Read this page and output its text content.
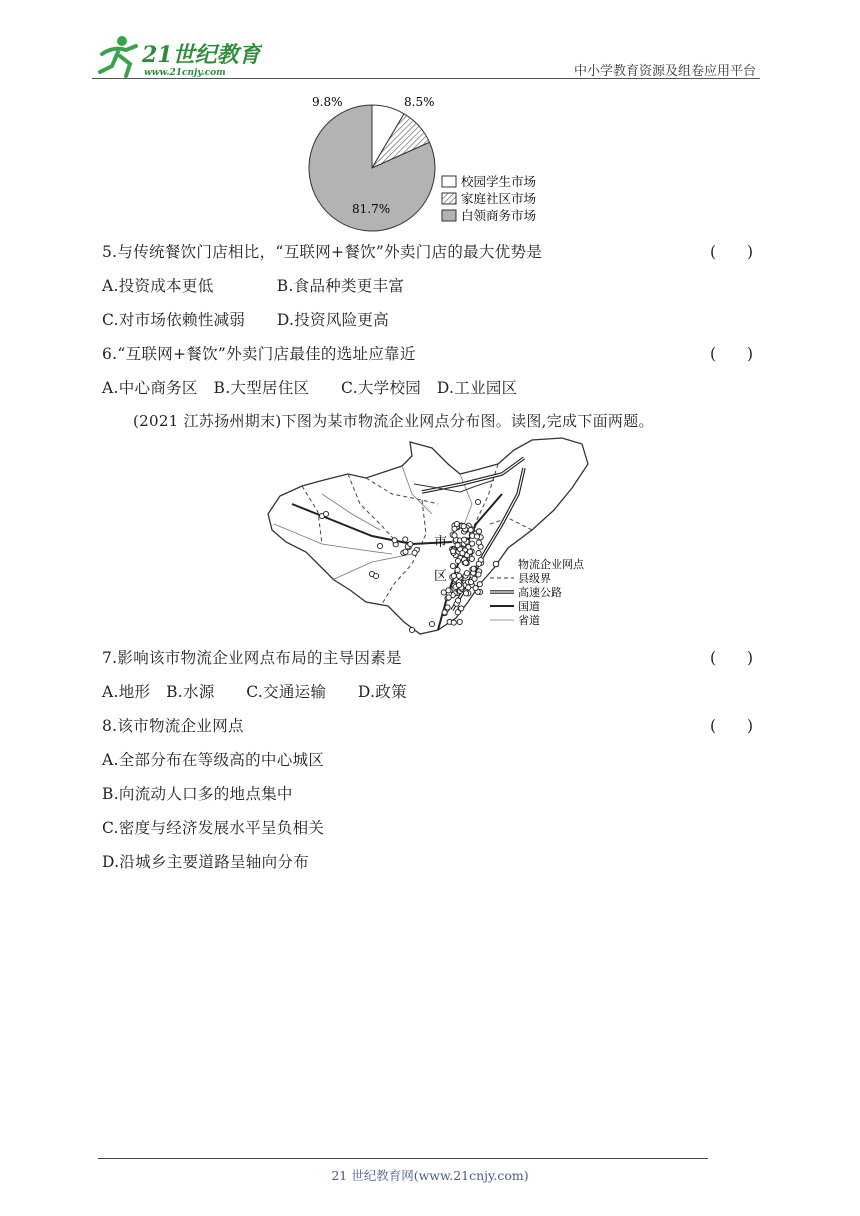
21世纪教育
www.21cnjy.com	中小学教育资源及组卷应用平台
9.8%	8.5%
81.7%
校园学生市场
家庭社区市场
白领商务市场
5.与传统餐饮门店相比，“互联网+餐饮”外卖门店的最大优势是	(　　)
A.投资成本更低　　　　B.食品种类更丰富
C.对市场依赖性减弱　　D.投资风险更高
6.“互联网+餐饮”外卖门店最佳的选址应靠近	(　　)
A.中心商务区　B.大型居住区　　C.大学校园　D.工业园区
(2021 江苏扬州期末)下图为某市物流企业网点分布图。读图,完成下面两题。
市
区
物流企业网点
县级界
高速公路
国道
省道
7.影响该市物流企业网点布局的主导因素是	(　　)
A.地形　B.水源　　C.交通运输　　D.政策
8.该市物流企业网点	(　　)
A.全部分布在等级高的中心城区
B.向流动人口多的地点集中
C.密度与经济发展水平呈负相关
D.沿城乡主要道路呈轴向分布
21 世纪教育网(www.21cnjy.com)
